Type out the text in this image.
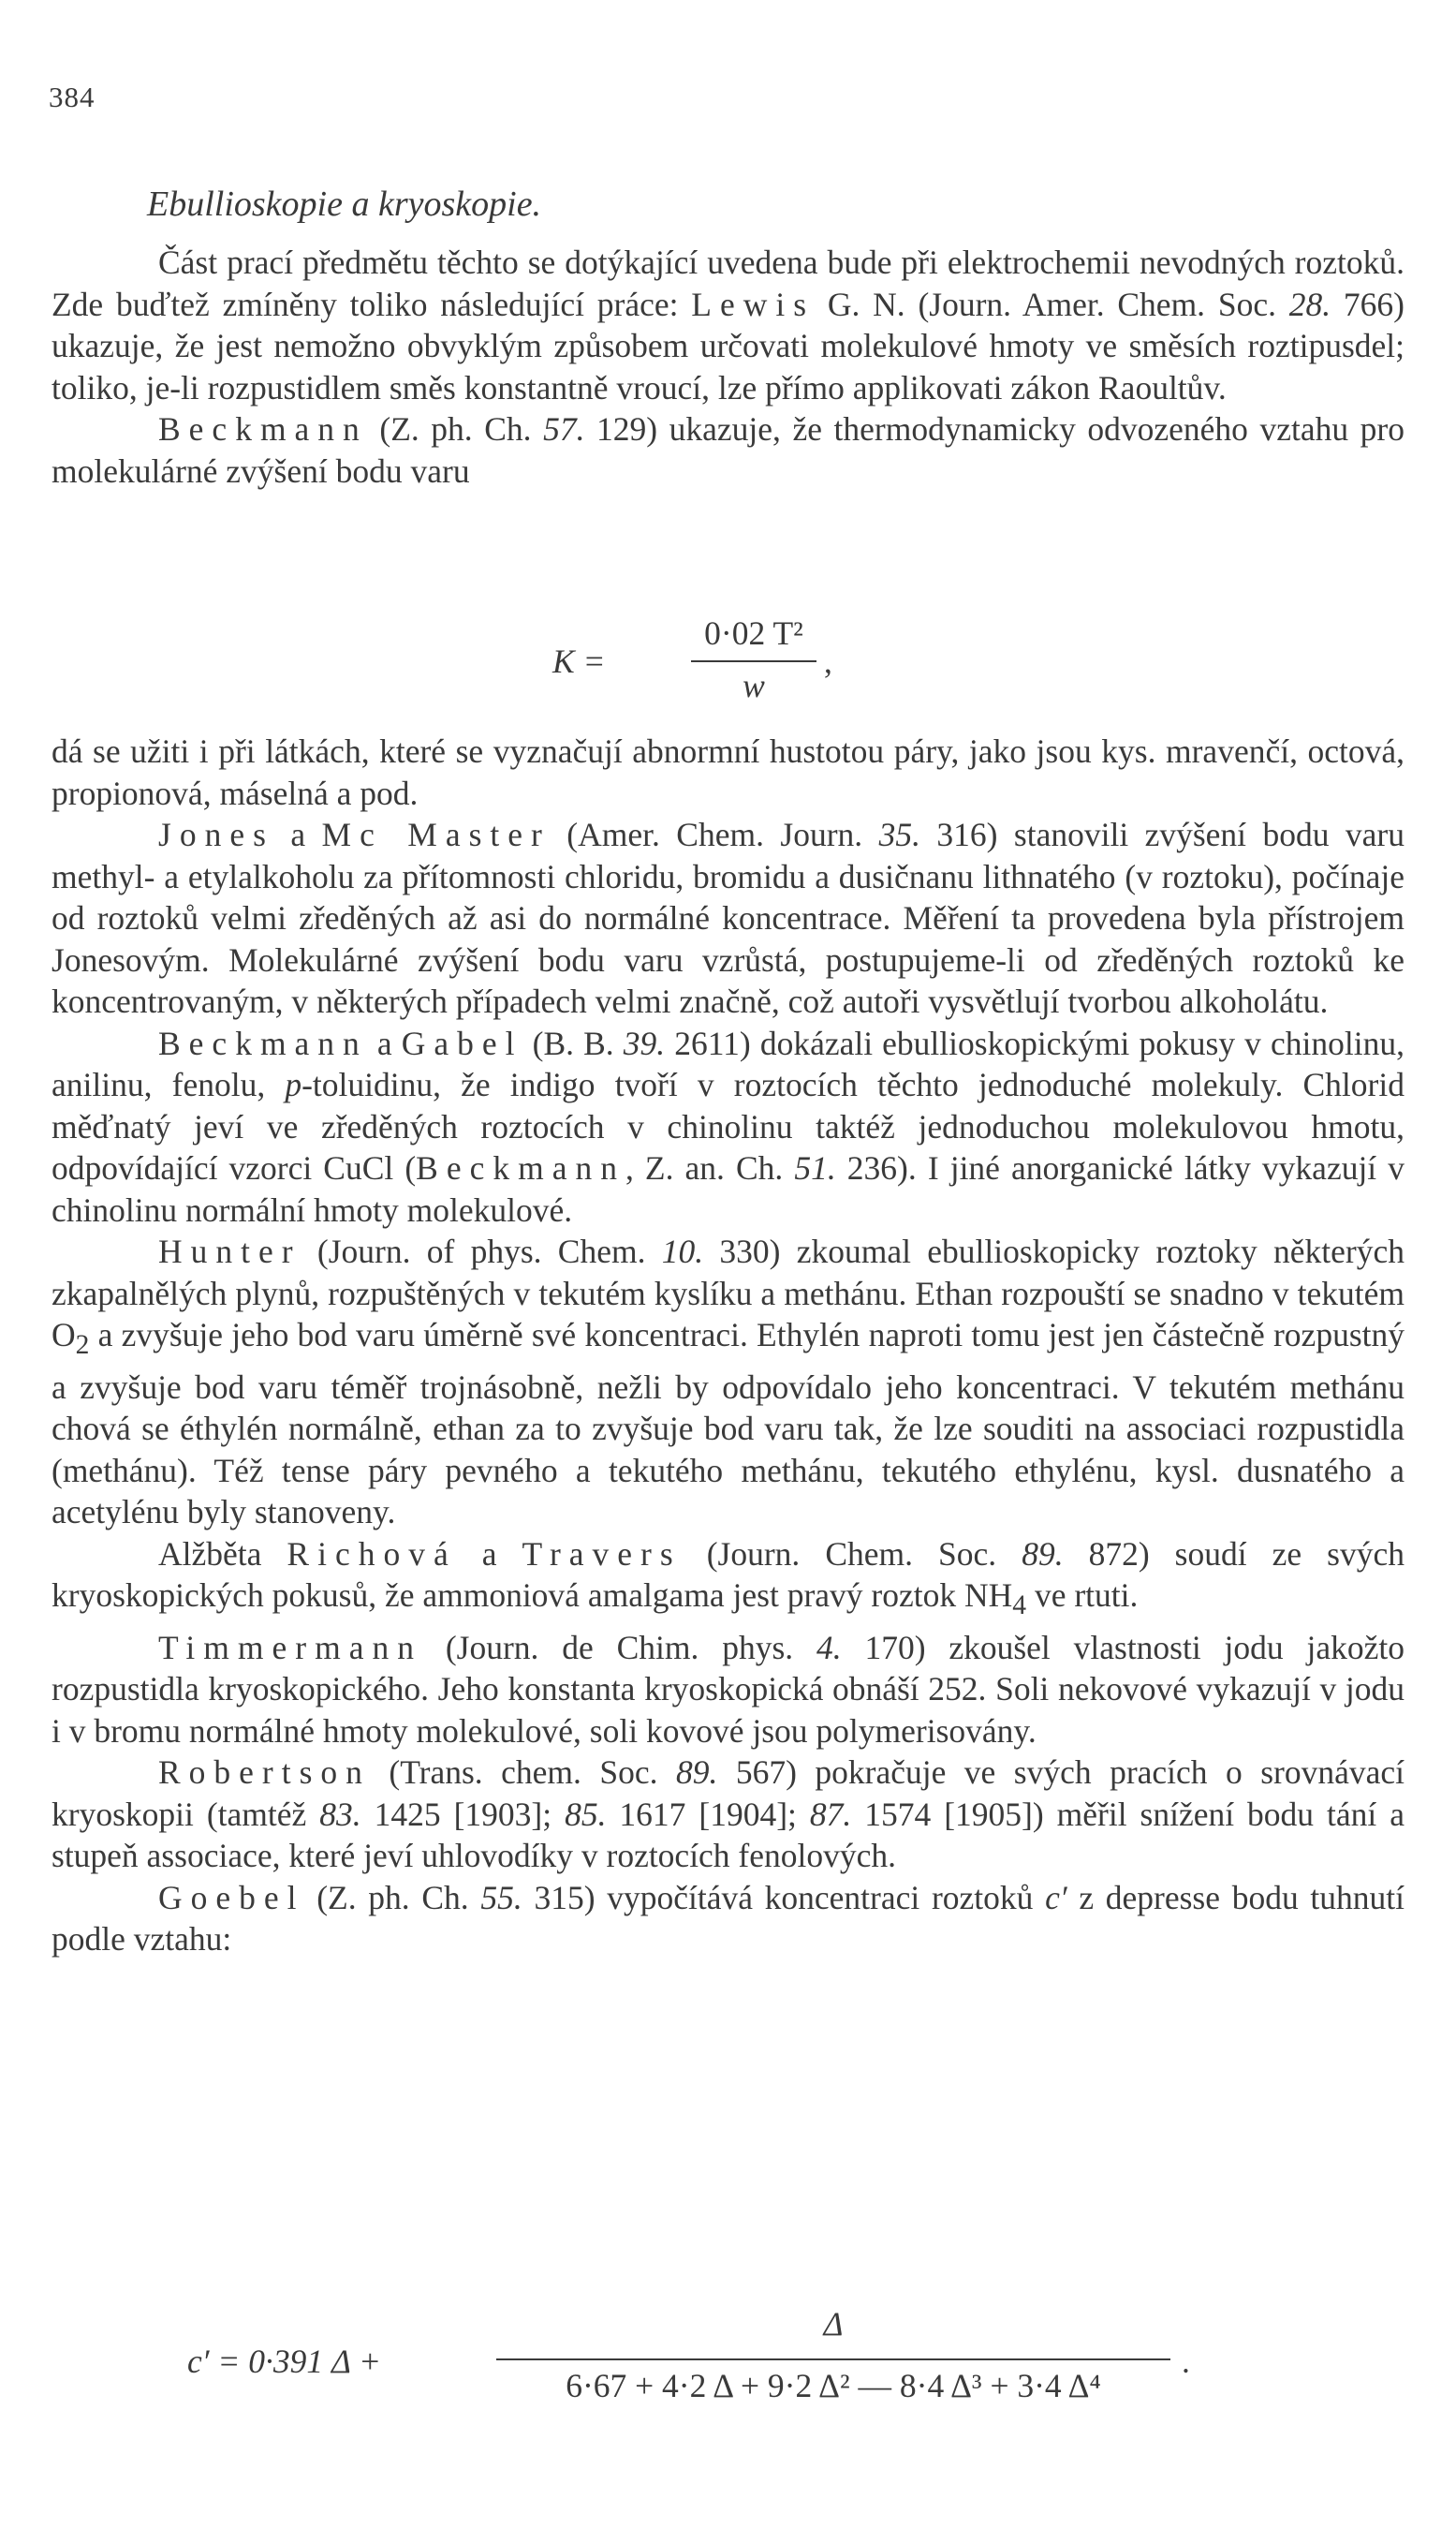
384
Ebullioskopie a kryoskopie.

Část prací předmětu těchto se dotýkající uvedena bude při elektrochemii nevodných roztoků. Zde buďtež zmíněny toliko následující práce: Lewis G. N. (Journ. Amer. Chem. Soc. 28. 766) ukazuje, že jest nemožno obvyklým způsobem určovati molekulové hmoty ve směsích roztipusdel; toliko, je-li rozpustidlem směs konstantně vroucí, lze přímo applikovati zákon Raoultův.

Beckmann (Z. ph. Ch. 57. 129) ukazuje, že thermodynamicky odvozeného vztahu pro molekulárné zvýšení bodu varu

K =
0·02 T²
w
,

dá se užiti i při látkách, které se vyznačují abnormní hustotou páry, jako jsou kys. mravenčí, octová, propionová, máselná a pod.

Jones a Mc Master (Amer. Chem. Journ. 35. 316) stanovili zvýšení bodu varu methyl- a etylalkoholu za přítomnosti chloridu, bromidu a dusičnanu lithnatého (v roztoku), počínaje od roztoků velmi zředěných až asi do normálné koncentrace. Měření ta provedena byla přístrojem Jonesovým. Molekulárné zvýšení bodu varu vzrůstá, postupujeme-li od zředěných roztoků ke koncentrovaným, v některých případech velmi značně, což autoři vysvětlují tvorbou alkoholátu.

Beckmann a Gabel (B. B. 39. 2611) dokázali ebullioskopickými pokusy v chinolinu, anilinu, fenolu, p-toluidinu, že indigo tvoří v roztocích těchto jednoduché molekuly. Chlorid měďnatý jeví ve zředěných roztocích v chinolinu taktéž jednoduchou molekulovou hmotu, odpovídající vzorci CuCl (Beckmann, Z. an. Ch. 51. 236). I jiné anorganické látky vykazují v chinolinu normální hmoty molekulové.

Hunter (Journ. of phys. Chem. 10. 330) zkoumal ebullioskopicky roztoky některých zkapalnělých plynů, rozpuštěných v tekutém kyslíku a methánu. Ethan rozpouští se snadno v tekutém $O_2$ a zvyšuje jeho bod varu úměrně své koncentraci. Ethylén naproti tomu jest jen částečně rozpustný a zvyšuje bod varu téměř trojnásobně, nežli by odpovídalo jeho koncentraci. V tekutém methánu chová se éthylén normálně, ethan za to zvyšuje bod varu tak, že lze souditi na associaci rozpustidla (methánu). Též tense páry pevného a tekutého methánu, tekutého ethylénu, kysl. dusnatého a acetylénu byly stanoveny.

Alžběta Richová a Travers (Journ. Chem. Soc. 89. 872) soudí ze svých kryoskopických pokusů, že ammoniová amalgama jest pravý roztok $NH_4$ ve rtuti.

Timmermann (Journ. de Chim. phys. 4. 170) zkoušel vlastnosti jodu jakožto rozpustidla kryoskopického. Jeho konstanta kryoskopická obnáší 252. Soli nekovové vykazují v jodu i v bromu normálné hmoty molekulové, soli kovové jsou polymerisovány.

Robertson (Trans. chem. Soc. 89. 567) pokračuje ve svých pracích o srovnávací kryoskopii (tamtéž 83. 1425 [1903]; 85. 1617 [1904]; 87. 1574 [1905]) měřil snížení bodu tání a stupeň associace, které jeví uhlovodíky v roztocích fenolových.

Goebel (Z. ph. Ch. 55. 315) vypočítává koncentraci roztoků c′ z depresse bodu tuhnutí podle vztahu:

c′ = 0·391 Δ +
Δ
6·67 + 4·2 Δ + 9·2 Δ² — 8·4 Δ³ + 3·4 Δ⁴
.
